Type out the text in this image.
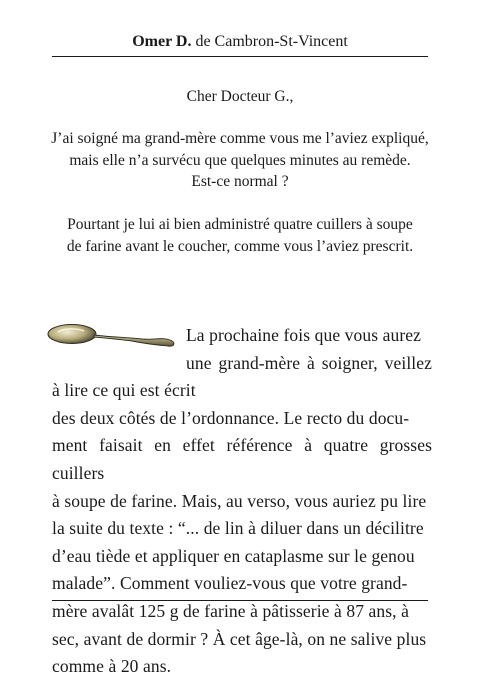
Omer D. de Cambron-St-Vincent

Cher Docteur G.,

J’ai soigné ma grand-mère comme vous me l’aviez expliqué,

mais elle n’a survécu que quelques minutes au remède.

Est-ce normal ?

Pourtant je lui ai bien administré quatre cuillers à soupe

de farine avant le coucher, comme vous l’aviez prescrit.

La prochaine fois que vous aurez
une grand-mère à soigner, veillez à lire ce qui est écrit
des deux côtés de l’ordonnance. Le recto du docu-
ment faisait en effet référence à quatre grosses cuillers
à soupe de farine. Mais, au verso, vous auriez pu lire
la suite du texte : “... de lin à diluer dans un décilitre
d’eau tiède et appliquer en cataplasme sur le genou
malade”. Comment vouliez-vous que votre grand-
mère avalât 125 g de farine à pâtisserie à 87 ans, à
sec, avant de dormir ? À cet âge-là, on ne salive plus
comme à 20 ans.
